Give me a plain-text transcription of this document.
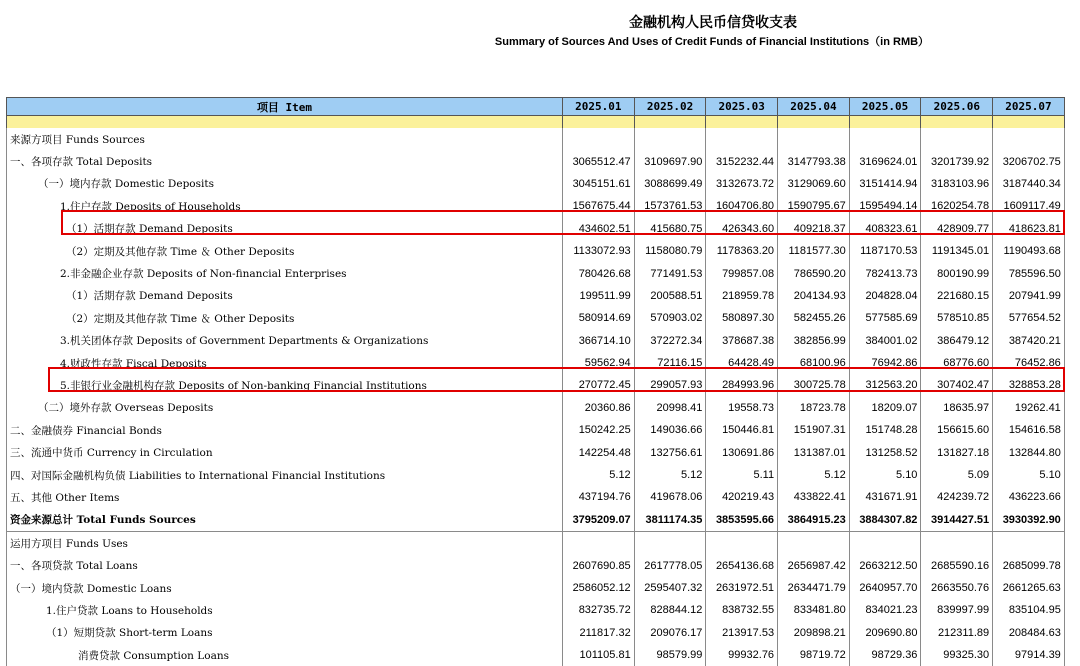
金融机构人民币信贷收支表
Summary of Sources And Uses of Credit Funds of Financial Institutions（in RMB）
项目 Item	2025.01	2025.02	2025.03	2025.04	2025.05	2025.06	2025.07

来源方项目 Funds Sources							
一、各项存款 Total Deposits	3065512.47	3109697.90	3152232.44	3147793.38	3169624.01	3201739.92	3206702.75
（一）境内存款 Domestic Deposits	3045151.61	3088699.49	3132673.72	3129069.60	3151414.94	3183103.96	3187440.34
1.住户存款 Deposits of Households	1567675.44	1573761.53	1604706.80	1590795.67	1595494.14	1620254.78	1609117.49
（1）活期存款 Demand Deposits	434602.51	415680.75	426343.60	409218.37	408323.61	428909.77	418623.81
（2）定期及其他存款 Time ＆ Other Deposits	1133072.93	1158080.79	1178363.20	1181577.30	1187170.53	1191345.01	1190493.68
2.非金融企业存款 Deposits of Non-financial Enterprises	780426.68	771491.53	799857.08	786590.20	782413.73	800190.99	785596.50
（1）活期存款 Demand Deposits	199511.99	200588.51	218959.78	204134.93	204828.04	221680.15	207941.99
（2）定期及其他存款 Time ＆ Other Deposits	580914.69	570903.02	580897.30	582455.26	577585.69	578510.85	577654.52
3.机关团体存款 Deposits of Government Departments & Organizations	366714.10	372272.34	378687.38	382856.99	384001.02	386479.12	387420.21
4.财政性存款 Fiscal Deposits	59562.94	72116.15	64428.49	68100.96	76942.86	68776.60	76452.86
5.非银行业金融机构存款 Deposits of Non-banking Financial Institutions	270772.45	299057.93	284993.96	300725.78	312563.20	307402.47	328853.28
（二）境外存款 Overseas Deposits	20360.86	20998.41	19558.73	18723.78	18209.07	18635.97	19262.41
二、金融债券 Financial Bonds	150242.25	149036.66	150446.81	151907.31	151748.28	156615.60	154616.58
三、流通中货币 Currency in Circulation	142254.48	132756.61	130691.86	131387.01	131258.52	131827.18	132844.80
四、对国际金融机构负债 Liabilities to International Financial Institutions	5.12	5.12	5.11	5.12	5.10	5.09	5.10
五、其他 Other Items	437194.76	419678.06	420219.43	433822.41	431671.91	424239.72	436223.66
资金来源总计 Total Funds Sources	3795209.07	3811174.35	3853595.66	3864915.23	3884307.82	3914427.51	3930392.90
运用方项目 Funds Uses							
一、各项贷款 Total Loans	2607690.85	2617778.05	2654136.68	2656987.42	2663212.50	2685590.16	2685099.78
（一）境内贷款 Domestic Loans	2586052.12	2595407.32	2631972.51	2634471.79	2640957.70	2663550.76	2661265.63
1.住户贷款 Loans to Households	832735.72	828844.12	838732.55	833481.80	834021.23	839997.99	835104.95
（1）短期贷款 Short-term Loans	211817.32	209076.17	213917.53	209898.21	209690.80	212311.89	208484.63
消费贷款 Consumption Loans	101105.81	98579.99	99932.76	98719.72	98729.36	99325.30	97914.39
